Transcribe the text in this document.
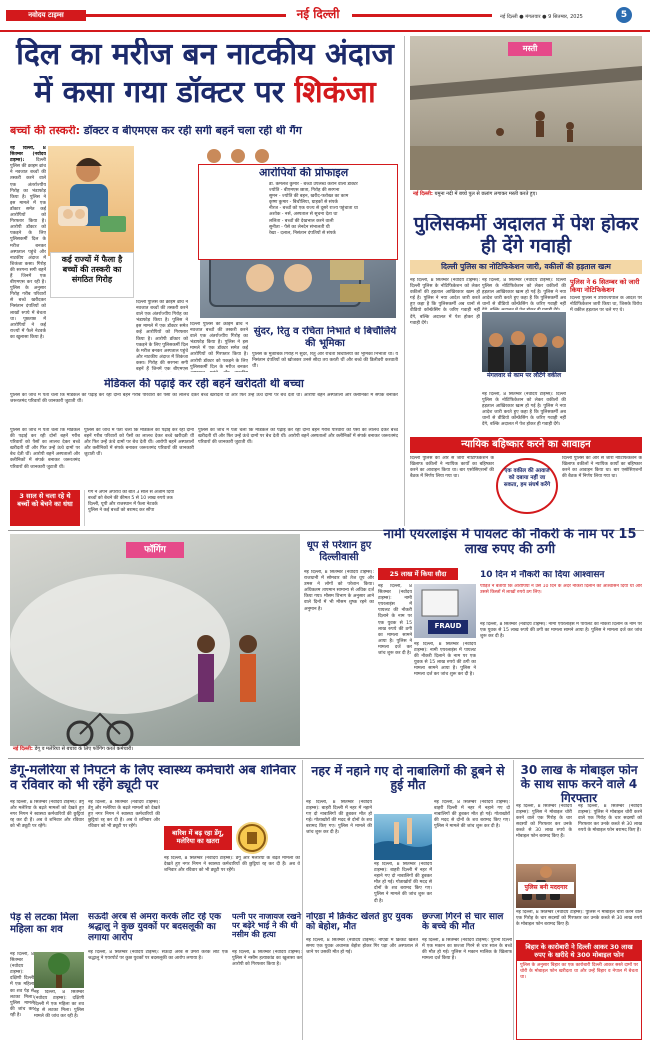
नवोदय टाइम्स	नई दिल्ली	नई दिल्ली ● मंगलवार ● 9 सितम्बर, 2025	5
दिल का मरीज बन नाटकीय अंदाज
में कसा गया डॉक्टर पर शिकंजा
बच्चों की तस्करी: डॉक्टर व बीएमएस कर रही सगी बहनें चला रही थी गैंग
नई दिल्ली, 8 सितम्बर (नवोदय टाइम्स):	दिल्ली पुलिस की क्राइम ब्रांच ने नवजात बच्चों की तस्करी करने वाले एक अंतर्राज्यीय गिरोह का भंडाफोड़ किया है। पुलिस ने इस मामले में एक डॉक्टर समेत कई आरोपियों को गिरफ्तार किया है। आरोपी डॉक्टर को पकड़ने के लिए पुलिसकर्मी दिल के मरीज बनकर अस्पताल पहुंचे और नाटकीय अंदाज में शिकंजा कसा। गिरोह की सरगना सगी बहनें हैं जिनमें एक बीएमएस कर रही है। पुलिस के अनुसार गिरोह गरीब परिवारों से बच्चे खरीदकर निसंतान दंपतियों को लाखों रुपये में बेचता था। पूछताछ में आरोपियों ने कई राज्यों में फैले नेटवर्क का खुलासा किया है।
कई राज्यों में फैला है बच्चों की तस्करी का संगठित गिरोह
दिल्ली पुलिस की क्राइम ब्रांच ने नवजात बच्चों की तस्करी करने वाले एक अंतर्राज्यीय गिरोह का भंडाफोड़ किया है। पुलिस ने इस मामले में एक डॉक्टर समेत कई आरोपियों को गिरफ्तार किया है। आरोपी डॉक्टर को पकड़ने के लिए पुलिसकर्मी दिल के मरीज बनकर अस्पताल पहुंचे और नाटकीय अंदाज में शिकंजा कसा। गिरोह की सरगना सगी बहनें हैं जिनमें एक बीएमएस
आरोपियों की प्रोफाइल
डॉ. कमलेश कुमार - बच्चा उपलब्ध कराने वाला डॉक्टर
ज्योति - बीएमएस छात्रा, गिरोह की सरगना
सुमन - ज्योति की बहन, खरीद-फरोख्त का काम
कृष्ण कुमार - बिचौलिया, ग्राहकों से संपर्क
नीरज - बच्चों को एक राज्य से दूसरे राज्य पहुंचाता था
अशोक - नर्स, अस्पताल से सूचना देता था
ललिता - बच्चों की देखभाल करने वाली
सुनीता - पैसे का लेनदेन संभालती थी
रेखा - दलाल, निसंतान दंपतियों से संपर्क
सुंदर, रितु व रचिता निभाते थे बिचौलिये की भूमिका
पुलिस के मुताबिक गिरोह में सुंदर, रितु और रचिता बिचौलियों की भूमिका निभाती थीं। ये निसंतान दंपतियों को खोजकर उनसे सौदा तय करती थीं और बच्चे की डिलीवरी करवाती थीं।
दिल्ली पुलिस की क्राइम ब्रांच ने नवजात बच्चों की तस्करी करने वाले एक अंतर्राज्यीय गिरोह का भंडाफोड़ किया है। पुलिस ने इस मामले में एक डॉक्टर समेत कई आरोपियों को गिरफ्तार किया है। आरोपी डॉक्टर को पकड़ने के लिए पुलिसकर्मी दिल के मरीज बनकर
मेडिकल की पढ़ाई कर रही बहनें खरीदती थी बच्चा
पुलिस को जांच में पता चला कि मेडिकल की पढ़ाई कर रही दोनों बहनें गरीब परिवारों को पैसों का लालच देकर बच्चे खरीदती थीं और फिर उन्हें ऊंचे दामों पर बेच देती थीं। आरोपी बहनें अस्पतालों और क्लीनिकों में संपर्क बनाकर जरूरतमंद परिवारों की जानकारी जुटाती थीं।
3 साल से चला रहे थे बच्चों को बेचने का धंधा
पुलिस को जांच में पता चला कि मेडिकल की पढ़ाई कर रही दोनों बहनें गरीब परिवारों को पैसों का लालच देकर बच्चे खरीदती थीं और फिर उन्हें ऊंचे दामों पर बेच देती थीं। आरोपी बहनें अस्पतालों और क्लीनिकों में संपर्क बनाकर जरूरतमंद परिवारों की जानकारी जुटाती थीं।
गैंग ने अपने अपराध को बीते 3 साल से अंजाम दिया
बच्चों को बेचने की कीमत 5 से 10 लाख रुपये तक
दिल्ली, यूपी और राजस्थान में फैला नेटवर्क
पुलिस ने कई बच्चों को बरामद कर सौंपा
पुलिस को जांच में पता चला कि मेडिकल की पढ़ाई कर रही दोनों बहनें गरीब परिवारों को पैसों का लालच देकर बच्चे खरीदती थीं और फिर उन्हें ऊंचे दामों पर बेच देती थीं। आरोपी बहनें अस्पतालों और क्लीनिकों में संपर्क बनाकर जरूरतमंद परिवारों की जानकारी जुटाती थीं।
पुलिस को जांच में पता चला कि मेडिकल की पढ़ाई कर रही दोनों बहनें गरीब परिवारों को पैसों का लालच देकर बच्चे खरीदती थीं और फिर उन्हें ऊंचे दामों पर बेच देती थीं। आरोपी बहनें अस्पतालों और क्लीनिकों में संपर्क बनाकर जरूरतमंद परिवारों की जानकारी जुटाती थीं।
मस्ती
नई दिल्ली: यमुना नदी में बच्चे पुल से छलांग लगाकर मस्ती करते हुए।
पुलिसकर्मी अदालत में पेश होकर ही देंगे गवाही
दिल्ली पुलिस का नोटिफिकेशन जारी, वकीलों की हड़ताल खत्म
नई दिल्ली, 8 सितम्बर (नवोदय टाइम्स): दिल्ली पुलिस के नोटिफिकेशन को लेकर वकीलों की हड़ताल आखिरकार खत्म हो गई है। पुलिस ने नया आदेश जारी करते हुए कहा है कि पुलिसकर्मी अब थानों से वीडियो कॉन्फ्रेंसिंग के जरिए गवाही नहीं देंगे, बल्कि अदालत में पेश होकर ही गवाही देंगे।
मंगलवार से काम पर लौटेंगे वकील
नई दिल्ली, 8 सितम्बर (नवोदय टाइम्स): दिल्ली पुलिस के नोटिफिकेशन को लेकर वकीलों की हड़ताल आखिरकार खत्म हो गई है। पुलिस ने नया आदेश जारी करते हुए कहा है कि पुलिसकर्मी अब थानों से वीडियो कॉन्फ्रेंसिंग के जरिए गवाही नहीं
पुलिस ने 6 सितम्बर को जारी किया नोटिफिकेशन
दिल्ली पुलिस ने उपराज्यपाल के आदेश पर नोटिफिकेशन जारी किया था, जिसके विरोध में वकील हड़ताल पर चले गए थे।
नई दिल्ली, 8 सितम्बर (नवोदय टाइम्स): दिल्ली पुलिस के नोटिफिकेशन को लेकर वकीलों की हड़ताल आखिरकार खत्म हो गई है। पुलिस ने नया आदेश जारी करते हुए कहा है कि पुलिसकर्मी अब थानों से वीडियो कॉन्फ्रेंसिंग के जरिए गवाही नहीं देंगे, बल्कि अदालत में पेश होकर ही गवाही देंगे।
न्यायिक बहिष्कार करने का आवाहन
दिल्ली पुलिस की ओर से जारी नोटिफिकेशन के खिलाफ वकीलों ने न्यायिक कार्यों का बहिष्कार करने का आवाहन किया था। बार एसोसिएशनों की बैठक में निर्णय लिया गया था।
एक वकील की आवाज को दबाया नहीं जा सकता, हम संघर्ष करेंगे
दिल्ली पुलिस की ओर से जारी नोटिफिकेशन के खिलाफ वकीलों ने न्यायिक कार्यों का बहिष्कार करने का आवाहन किया था। बार एसोसिएशनों की बैठक में निर्णय लिया गया था।
फॉगिंग
नई दिल्ली: डेंगू व मलेरिया से बचाव के लिए फॉगिंग करते कर्मचारी।
धूप से परेशान हुए दिल्लीवासी
नई दिल्ली, 8 सितम्बर (नवोदय टाइम्स): राजधानी में सोमवार को तेज धूप और उमस ने लोगों को परेशान किया। अधिकतम तापमान सामान्य से अधिक दर्ज किया गया। मौसम विभाग के अनुसार आने वाले दिनों में भी मौसम शुष्क रहने का अनुमान है।
नामी एयरलाइंस में पायलट की नौकरी के नाम पर 15 लाख रुपए की ठगी
25 लाख में किया सौदा
FRAUD
नई दिल्ली, 8 सितम्बर (नवोदय टाइम्स): नामी एयरलाइंस में पायलट की नौकरी दिलाने के नाम पर एक युवक से 15 लाख रुपये की ठगी का मामला सामने आया है। पुलिस ने मामला दर्ज कर जांच शुरू कर दी है।
नई दिल्ली, 8 सितम्बर (नवोदय टाइम्स): नामी एयरलाइंस में पायलट की नौकरी दिलाने के नाम पर एक युवक से 15 लाख रुपये की ठगी का मामला सामने आया है। पुलिस ने मामला दर्ज कर जांच शुरू कर दी है।
10 दिन में नौकरी का दिया आश्वासन
पीड़ित ने बताया कि आरोपियों ने उसे 10 दिन के अंदर नौकरी दिलाने का आश्वासन दिया था और उससे किस्तों में लाखों रुपये ठग लिए।
नई दिल्ली, 8 सितम्बर (नवोदय टाइम्स): नामी एयरलाइंस में पायलट की नौकरी दिलाने के नाम पर एक युवक से 15 लाख रुपये की ठगी का मामला सामने आया है। पुलिस ने मामला दर्ज कर जांच शुरू कर दी है।
डेंगू-मलेरिया से निपटने के लिए स्वास्थ्य कर्मचारी अब शनिवार व रविवार को भी रहेंगे ड्यूटी पर
नई दिल्ली, 8 सितम्बर (नवोदय टाइम्स): डेंगू और मलेरिया के बढ़ते मामलों को देखते हुए नगर निगम ने स्वास्थ्य कर्मचारियों की छुट्टियां रद्द कर दी हैं। अब वे शनिवार और रविवार को भी ड्यूटी पर रहेंगे।
नई दिल्ली, 8 सितम्बर (नवोदय टाइम्स): डेंगू और मलेरिया के बढ़ते मामलों को देखते हुए नगर निगम ने स्वास्थ्य कर्मचारियों की छुट्टियां रद्द कर दी हैं। अब वे शनिवार और रविवार को भी ड्यूटी पर रहेंगे।
बारिश में बढ़ रहा डेंगू, मलेरिया का खतरा
नई दिल्ली, 8 सितम्बर (नवोदय टाइम्स): डेंगू और मलेरिया के बढ़ते मामलों को देखते हुए नगर निगम ने स्वास्थ्य कर्मचारियों की छुट्टियां रद्द कर दी हैं। अब वे शनिवार और रविवार को भी ड्यूटी पर रहेंगे।
पेड़ से लटका मिला महिला का शव
नई दिल्ली, 8 सितम्बर (नवोदय टाइम्स): दक्षिणी दिल्ली में एक महिला का शव पेड़ से लटका मिला। पुलिस मामले की जांच कर रही है।
नई दिल्ली, 8 सितम्बर (नवोदय टाइम्स): दक्षिणी दिल्ली में एक महिला का शव पेड़ से लटका मिला। पुलिस मामले की जांच कर रही है।
सऊदी अरब से अमरा करके लौट रहे एक श्रद्धालु ने कुछ युवकों पर बदसलूकी का लगाया आरोप
नई दिल्ली, 8 सितम्बर (नवोदय टाइम्स): सऊदी अरब से उमरा करके लौटे एक श्रद्धालु ने एयरपोर्ट पर कुछ युवकों पर बदसलूकी का आरोप लगाया है।
पत्नी पर नाजायज रखने पर बढ़ेरे भाई ने की थी नसीम की हत्या
नई दिल्ली, 8 सितम्बर (नवोदय टाइम्स): पुलिस ने नसीम हत्याकांड का खुलासा कर आरोपी को गिरफ्तार किया है।
नहर में नहाने गए दो नाबालिगों की डूबने से हुई मौत
नई दिल्ली, 8 सितम्बर (नवोदय टाइम्स): बाहरी दिल्ली में नहर में नहाने गए दो नाबालिगों की डूबकर मौत हो गई। गोताखोरों की मदद से दोनों के शव बरामद किए गए। पुलिस ने मामले की जांच शुरू कर दी है।
नई दिल्ली, 8 सितम्बर (नवोदय टाइम्स): बाहरी दिल्ली में नहर में नहाने गए दो नाबालिगों की डूबकर मौत हो गई। गोताखोरों की मदद से दोनों के शव बरामद किए गए। पुलिस ने मामले की जांच शुरू कर दी है।
नई दिल्ली, 8 सितम्बर (नवोदय टाइम्स): बाहरी दिल्ली में नहर में नहाने गए दो नाबालिगों की डूबकर मौत हो गई। गोताखोरों की मदद से दोनों के शव बरामद किए गए। पुलिस ने मामले की जांच शुरू कर दी है।
नोएडा में क्रिकेट खेलते हुए युवक को बेहोश, मौत
नई दिल्ली, 8 सितम्बर (नवोदय टाइम्स): नोएडा में क्रिकेट खेलते समय एक युवक अचानक बेहोश होकर गिर पड़ा और अस्पताल ले जाने पर उसकी मौत हो गई।
छज्जा गिरने से चार साल के बच्चे की मौत
नई दिल्ली, 8 सितम्बर (नवोदय टाइम्स): पुरानी दिल्ली में एक मकान का छज्जा गिरने से चार साल के बच्चे की मौत हो गई। पुलिस ने मकान मालिक के खिलाफ मामला दर्ज किया है।
30 लाख के मोबाइल फोन के साथ साफ करने वाले 4 गिरफ्तार
नई दिल्ली, 8 सितम्बर (नवोदय टाइम्स): पुलिस ने मोबाइल चोरी करने वाले एक गिरोह के चार सदस्यों को गिरफ्तार कर उनके कब्जे से 30 लाख रुपये के मोबाइल फोन बरामद किए हैं।
पुलिस बनी मददगार
नई दिल्ली, 8 सितम्बर (नवोदय टाइम्स): पुलिस ने मोबाइल चोरी करने वाले एक गिरोह के चार सदस्यों को गिरफ्तार कर उनके कब्जे से 30 लाख रुपये के मोबाइल फोन बरामद किए हैं।
नई दिल्ली, 8 सितम्बर (नवोदय टाइम्स): पुलिस ने मोबाइल चोरी करने वाले एक गिरोह के चार सदस्यों को गिरफ्तार कर उनके कब्जे से 30 लाख रुपये के मोबाइल फोन बरामद किए हैं।
बिहार के कारोबारी ने दिल्ली आकर 30 लाख रुपए के खरीदे थे 300 मोबाइल फोन
पुलिस के अनुसार बिहार का एक कारोबारी दिल्ली आकर सस्ते दामों पर चोरी के मोबाइल फोन खरीदता था और उन्हें बिहार व नेपाल में बेचता था।
